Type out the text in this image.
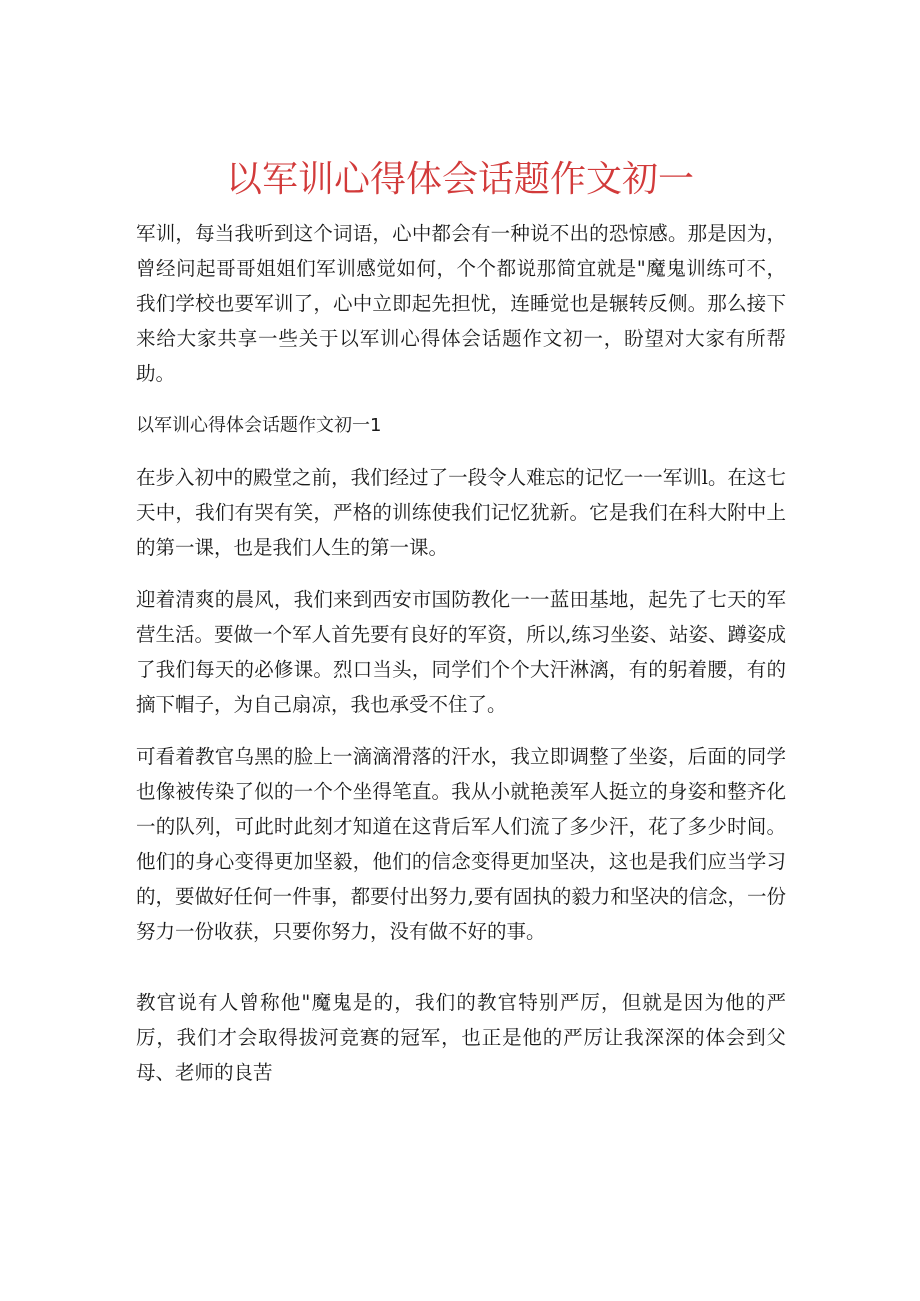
以军训心得体会话题作文初一

军训，每当我听到这个词语，心中都会有一种说不出的恐惊感。那是因为，曾经问起哥哥姐姐们军训感觉如何，个个都说那简宜就是"魔鬼训练可不，我们学校也要军训了，心中立即起先担忧，连睡觉也是辗转反侧。那么接下来给大家共享一些关于以军训心得体会话题作文初一，盼望对大家有所帮助。

以军训心得体会话题作文初一1

在步入初中的殿堂之前，我们经过了一段令人难忘的记忆一一军训l。在这七天中，我们有哭有笑，严格的训练使我们记忆犹新。它是我们在科大附中上的第一课，也是我们人生的第一课。

迎着清爽的晨风，我们来到西安市国防教化一一蓝田基地，起先了七天的军营生活。要做一个军人首先要有良好的军资，所以,练习坐姿、站姿、蹲姿成了我们每天的必修课。烈口当头，同学们个个大汗淋漓，有的躬着腰，有的摘下帽子，为自己扇凉，我也承受不住了。

可看着教官乌黑的脸上一滴滴滑落的汗水，我立即调整了坐姿，后面的同学也像被传染了似的一个个坐得笔直。我从小就艳羡军人挺立的身姿和整齐化一的队列，可此时此刻才知道在这背后军人们流了多少汗，花了多少时间。他们的身心变得更加坚毅，他们的信念变得更加坚决，这也是我们应当学习的，要做好任何一件事，都要付出努力,要有固执的毅力和坚决的信念，一份努力一份收获，只要你努力，没有做不好的事。

教官说有人曾称他"魔鬼是的，我们的教官特别严厉，但就是因为他的严厉，我们才会取得拔河竞赛的冠军，也正是他的严厉让我深深的体会到父母、老师的良苦
